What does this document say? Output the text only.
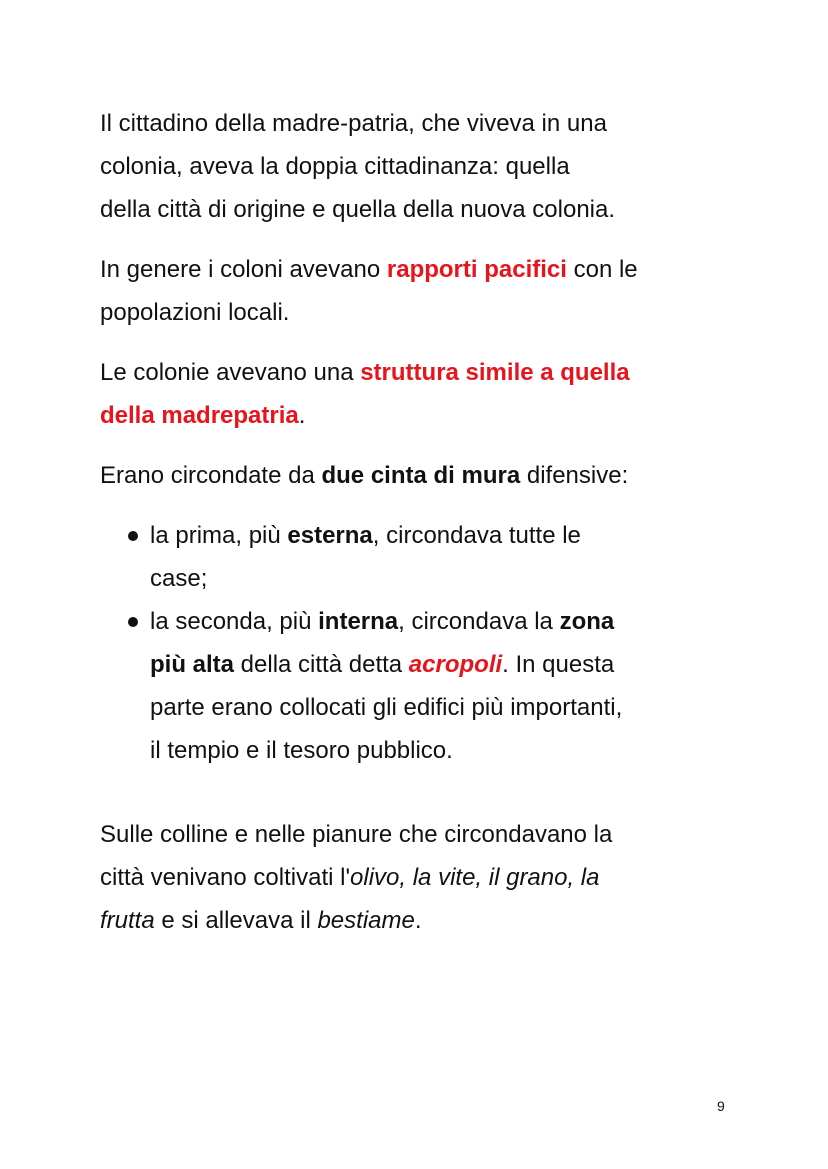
Il cittadino della madre-patria, che viveva in una
colonia, aveva la doppia cittadinanza: quella
della città di origine e quella della nuova colonia.

In genere i coloni avevano rapporti pacifici con le
popolazioni locali.

Le colonie avevano una struttura simile a quella
della madrepatria.

Erano circondate da due cinta di mura difensive:

la prima, più esterna, circondava tutte le
case;
la seconda, più interna, circondava la zona
più alta della città detta acropoli. In questa
parte erano collocati gli edifici più importanti,
il tempio e il tesoro pubblico.

Sulle colline e nelle pianure che circondavano la
città venivano coltivati l'olivo, la vite, il grano, la
frutta e si allevava il bestiame.

9
